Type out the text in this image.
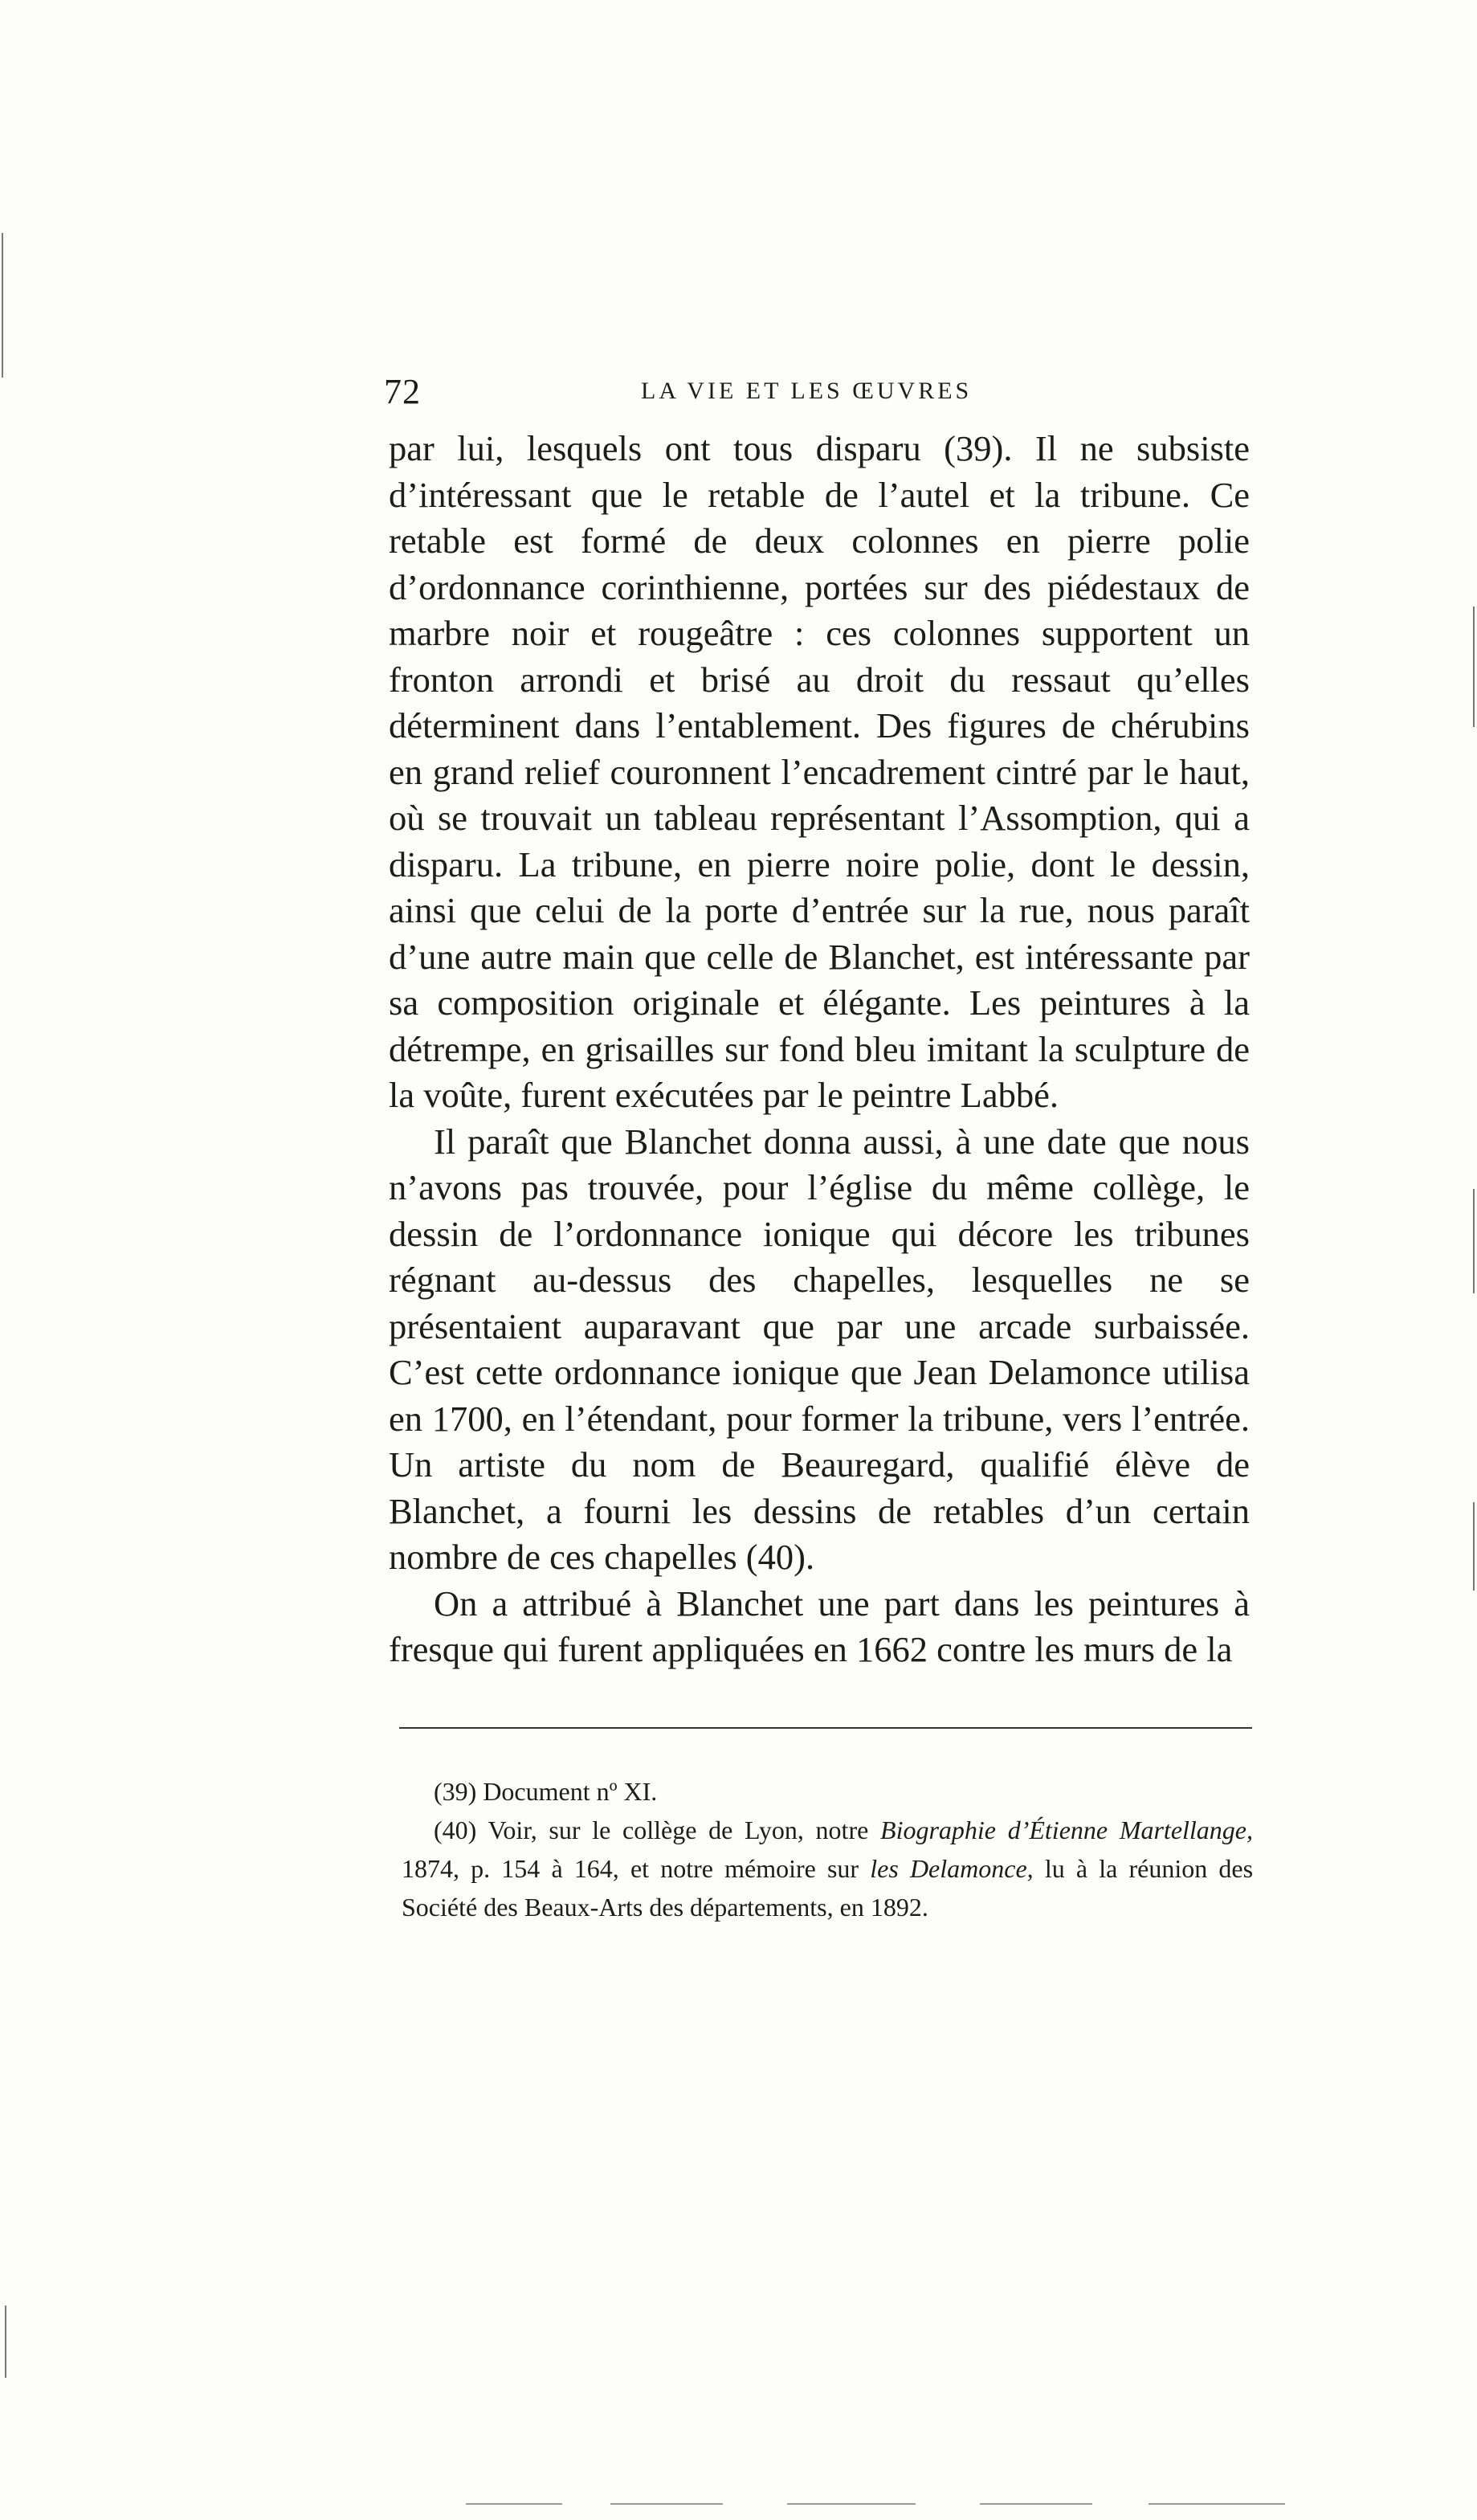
72	LA VIE ET LES ŒUVRES

par lui, lesquels ont tous disparu (39). Il ne subsiste d’intéressant que le retable de l’autel et la tribune. Ce retable est formé de deux colonnes en pierre polie d’ordonnance corinthienne, portées sur des piédestaux de marbre noir et rougeâtre : ces colonnes supportent un fronton arrondi et brisé au droit du ressaut qu’elles déterminent dans l’entablement. Des figures de chérubins en grand relief couronnent l’encadrement cintré par le haut, où se trouvait un tableau représentant l’Assomption, qui a disparu. La tribune, en pierre noire polie, dont le dessin, ainsi que celui de la porte d’entrée sur la rue, nous paraît d’une autre main que celle de Blanchet, est intéressante par sa composition originale et élégante. Les peintures à la détrempe, en grisailles sur fond bleu imitant la sculpture de la voûte, furent exécutées par le peintre Labbé.

Il paraît que Blanchet donna aussi, à une date que nous n’avons pas trouvée, pour l’église du même collège, le dessin de l’ordonnance ionique qui décore les tribunes régnant au-dessus des chapelles, lesquelles ne se présentaient auparavant que par une arcade surbaissée. C’est cette ordonnance ionique que Jean Delamonce utilisa en 1700, en l’étendant, pour former la tribune, vers l’entrée. Un artiste du nom de Beauregard, qualifié élève de Blanchet, a fourni les dessins de retables d’un certain nombre de ces chapelles (40).

On a attribué à Blanchet une part dans les peintures à fresque qui furent appliquées en 1662 contre les murs de la

(39) Document nº XI.

(40) Voir, sur le collège de Lyon, notre Biographie d’Étienne Martellange, 1874, p. 154 à 164, et notre mémoire sur les Delamonce, lu à la réunion des Société des Beaux-Arts des départements, en 1892.
